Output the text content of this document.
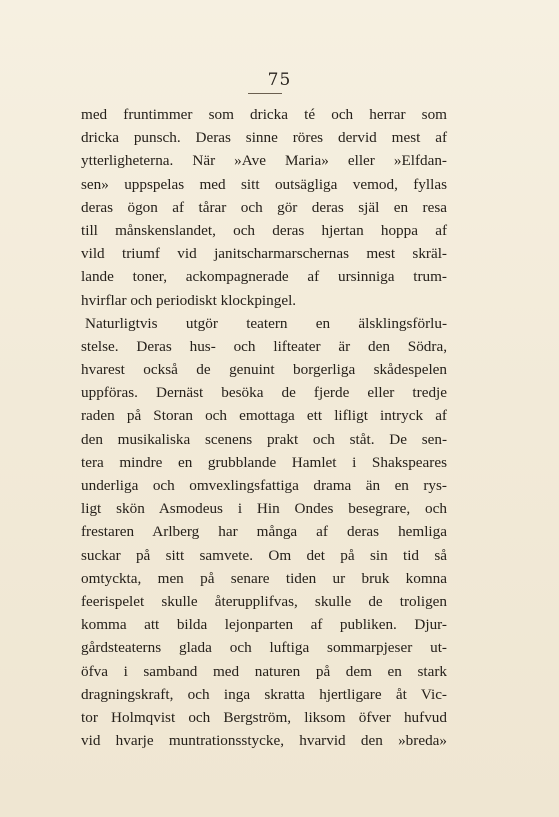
75
med fruntimmer som dricka té och herrar som
dricka punsch. Deras sinne röres dervid mest af
ytterligheterna. När »Ave Maria» eller »Elfdan-
sen» uppspelas med sitt outsägliga vemod, fyllas
deras ögon af tårar och gör deras själ en resa
till månskenslandet, och deras hjertan hoppa af
vild triumf vid janitscharmarschernas mest skräl-
lande toner, ackompagnerade af ursinniga trum-
hvirflar och periodiskt klockpingel.
Naturligtvis utgör teatern en älsklingsförlu-
stelse. Deras hus- och lifteater är den Södra,
hvarest också de genuint borgerliga skådespelen
uppföras. Dernäst besöka de fjerde eller tredje
raden på Storan och emottaga ett lifligt intryck af
den musikaliska scenens prakt och ståt. De sen-
tera mindre en grubblande Hamlet i Shakspeares
underliga och omvexlingsfattiga drama än en rys-
ligt skön Asmodeus i Hin Ondes besegrare, och
frestaren Arlberg har många af deras hemliga
suckar på sitt samvete. Om det på sin tid så
omtyckta, men på senare tiden ur bruk komna
feerispelet skulle återupplifvas, skulle de troligen
komma att bilda lejonparten af publiken. Djur-
gårdsteaterns glada och luftiga sommarpjeser ut-
öfva i samband med naturen på dem en stark
dragningskraft, och inga skratta hjertligare åt Vic-
tor Holmqvist och Bergström, liksom öfver hufvud
vid hvarje muntrationsstycke, hvarvid den »breda»
